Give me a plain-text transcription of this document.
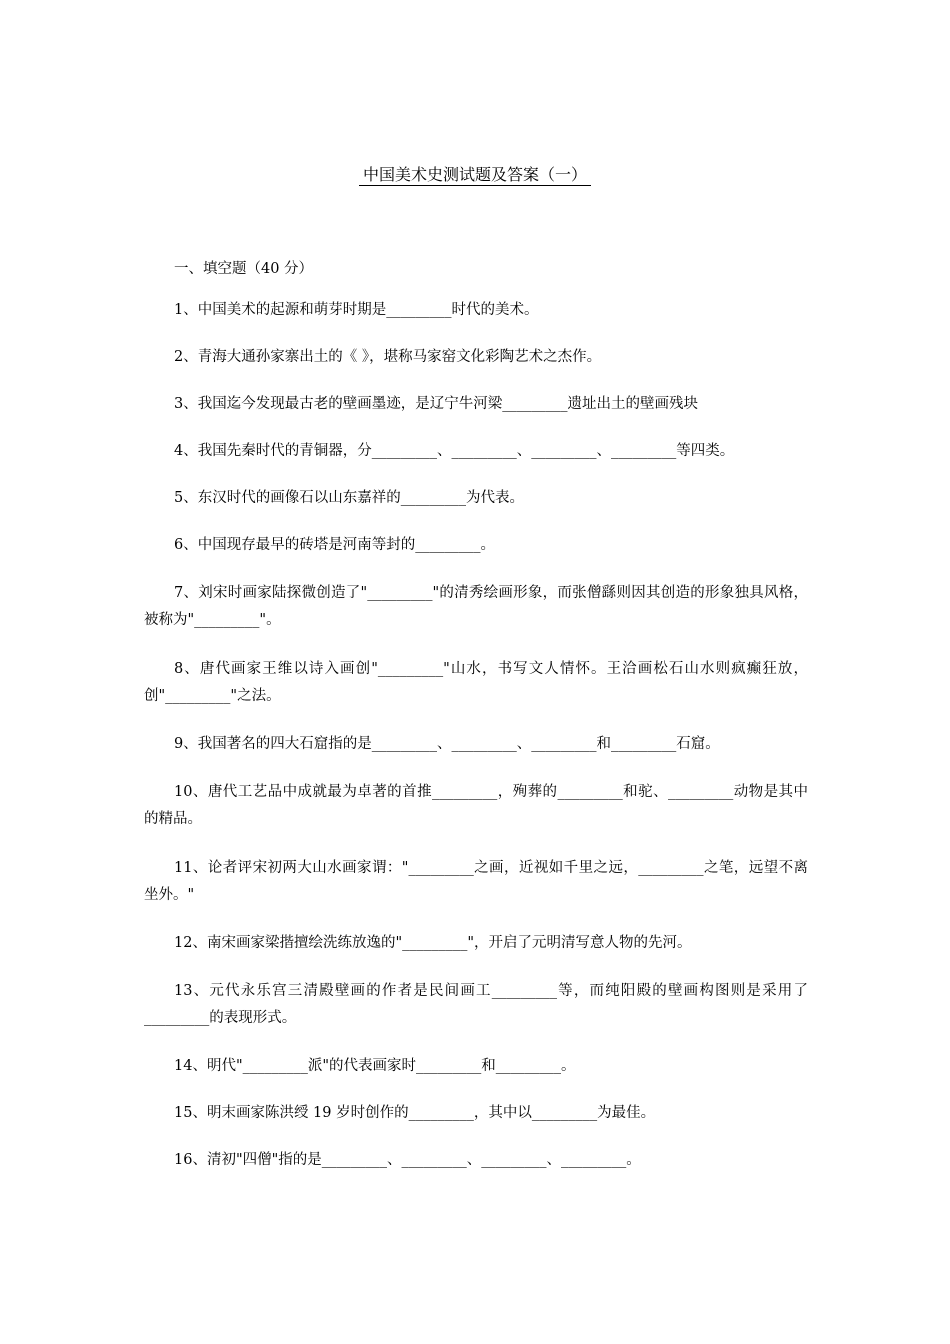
中国美术史测试题及答案（一）

一、填空题（40 分）

1、中国美术的起源和萌芽时期是_________时代的美术。

2、青海大通孙家寨出土的《 》，堪称马家窑文化彩陶艺术之杰作。

3、我国迄今发现最古老的壁画墨迹，是辽宁牛河梁_________遗址出土的壁画残块

4、我国先秦时代的青铜器，分_________、_________、_________、_________等四类。

5、东汉时代的画像石以山东嘉祥的_________为代表。

6、中国现存最早的砖塔是河南等封的_________。

7、刘宋时画家陆探微创造了"_________"的清秀绘画形象，而张僧繇则因其创造的形象独具风格，被称为"_________"。

8、唐代画家王维以诗入画创"_________"山水，书写文人情怀。王洽画松石山水则疯癫狂放，创"_________"之法。

9、我国著名的四大石窟指的是_________、_________、_________和_________石窟。

10、唐代工艺品中成就最为卓著的首推_________，殉葬的_________和驼、_________动物是其中的精品。

11、论者评宋初两大山水画家谓："_________之画，近视如千里之远，_________之笔，远望不离坐外。"

12、南宋画家梁揩擅绘洗练放逸的"_________"，开启了元明清写意人物的先河。

13、元代永乐宫三清殿壁画的作者是民间画工_________等，而纯阳殿的壁画构图则是采用了_________的表现形式。

14、明代"_________派"的代表画家时_________和_________。

15、明末画家陈洪绶 19 岁时创作的_________，其中以_________为最佳。

16、清初"四僧"指的是_________、_________、_________、_________。
